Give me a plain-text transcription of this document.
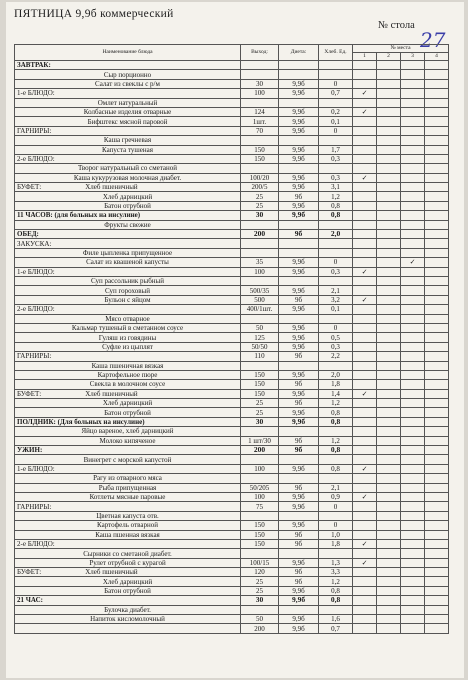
ПЯТНИЦА 9,9б коммерческий
№ стола
27
Наименование блюда	Выход:	Диета:	Хлеб. Ед.	№ места			
				1	2	3	4
ЗАВТРАК:							
Сыр порционно							
Салат из свеклы с р/м	30	9,9б	0				
1-е БЛЮДО:	100	9,9б	0,7	✓			
Омлет натуральный							
Колбасные изделия отварные	124	9,9б	0,2	✓			
Бифштекс мясной паровой	1шт.	9,9б	0,1				
ГАРНИРЫ:	70	9,9б	0				
Каша гречневая							
Капуста тушеная	150	9,9б	1,7				
2-е БЛЮДО:	150	9,9б	0,3				
Творог натуральный со сметаной							
Каша кукурузовая молочная диабет.	100/20	9,9б	0,3	✓			
БУФЕТ: Хлеб пшеничный	200/5	9,9б	3,1				
Хлеб дарницкий	25	9б	1,2				
Батон отрубной	25	9,9б	0,8				
11 ЧАСОВ: (для больных на инсулине)	30	9,9б	0,8				
Фрукты свежие							
ОБЕД:	200	9б	2,0				
ЗАКУСКА:							
Филе цыпленка припущенное							
Салат из квашеной капусты	35	9,9б	0			✓	
1-е БЛЮДО:	100	9,9б	0,3	✓			
Суп рассольник рыбный							
Суп гороховый	500/35	9,9б	2,1				
Бульон с яйцом	500	9б	3,2	✓			
2-е БЛЮДО:	400/1шт.	9,9б	0,1				
Мясо отварное							
Кальмар тушеный в сметанном соусе	50	9,9б	0				
Гуляш из говядины	125	9,9б	0,5				
Суфле из цыплят	50/50	9,9б	0,3				
ГАРНИРЫ:	110	9б	2,2				
Каша пшеничная вязкая							
Картофельное пюре	150	9,9б	2,0				
Свекла в молочном соусе	150	9б	1,8				
БУФЕТ: Хлеб пшеничный	150	9,9б	1,4	✓			
Хлеб дарницкий	25	9б	1,2				
Батон отрубной	25	9,9б	0,8				
ПОЛДНИК: (Для больных на инсулине)	30	9,9б	0,8				
Яйцо вареное, хлеб дарницкий							
Молоко кипяченое	1 шт/30	9б	1,2				
УЖИН:	200	9б	0,8				
Винегрет с морской капустой							
1-е БЛЮДО:	100	9,9б	0,8	✓			
Рагу из отварного мяса							
Рыба припущенная	50/205	9б	2,1				
Котлеты мясные паровые	100	9,9б	0,9	✓			
ГАРНИРЫ:	75	9,9б	0				
Цветная капуста отв.							
Картофель отварной	150	9,9б	0				
Каша пшенная вязкая	150	9б	1,0				
2-е БЛЮДО:	150	9б	1,8	✓			
Сырники со сметаной диабет.							
Рулет отрубной с курагой	100/15	9,9б	1,3	✓			
БУФЕТ: Хлеб пшеничный	120	9б	3,3				
Хлеб дарницкий	25	9б	1,2				
Батон отрубной	25	9,9б	0,8				
21 ЧАС:	30	9,9б	0,8				
Булочка диабет.							
Напиток кисломолочный	50	9,9б	1,6				
	200	9,9б	0,7				
